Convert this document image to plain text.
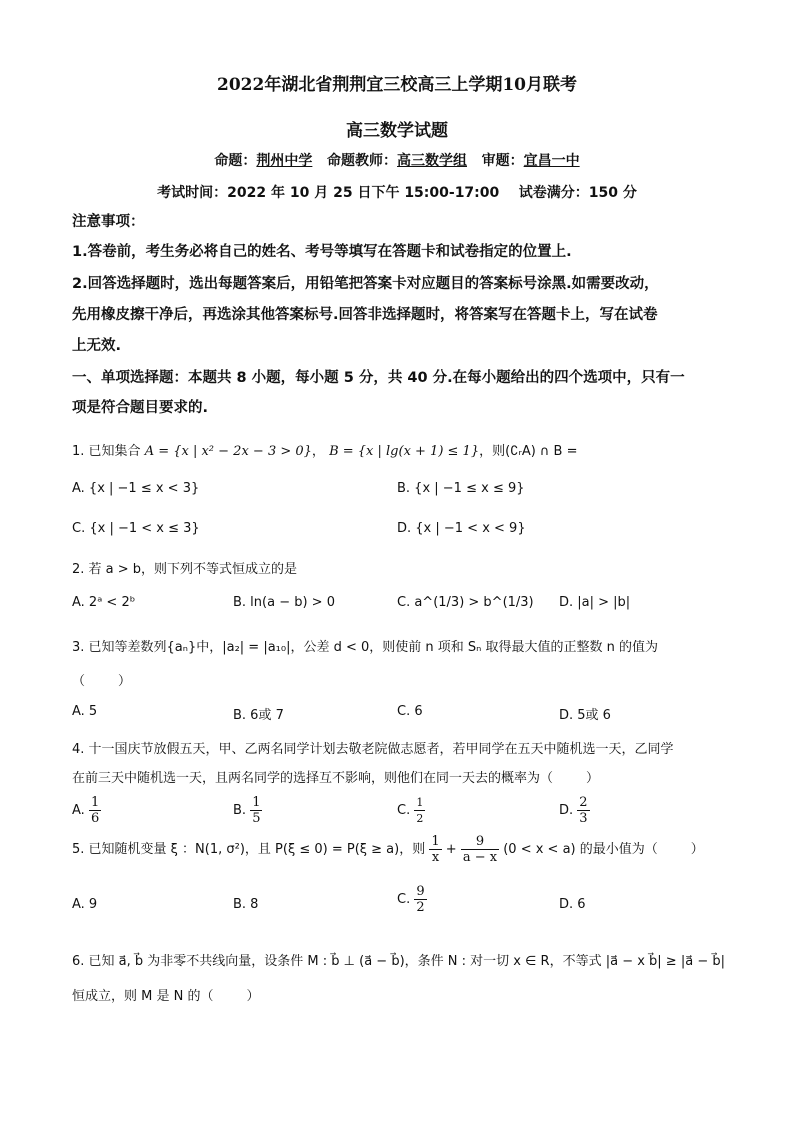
2022年湖北省荆荆宜三校高三上学期10月联考
高三数学试题
命题：荆州中学 命题教师：高三数学组 审题：宜昌一中
考试时间：2022 年 10 月 25 日下午 15:00-17:00    试卷满分：150 分
注意事项：
1.答卷前，考生务必将自己的姓名、考号等填写在答题卡和试卷指定的位置上.
2.回答选择题时，选出每题答案后，用铅笔把答案卡对应题目的答案标号涂黑.如需要改动，
先用橡皮擦干净后，再选涂其他答案标号.回答非选择题时，将答案写在答题卡上，写在试卷
上无效.
一、单项选择题：本题共 8 小题，每小题 5 分，共 40 分.在每小题给出的四个选项中，只有一
项是符合题目要求的.
1. 已知集合 A = {x | x² − 2x − 3 > 0}， B = {x | lg(x + 1) ≤ 1}，则(∁ᵣA) ∩ B =
A. {x | −1 ≤ x < 3}	B. {x | −1 ≤ x ≤ 9}
C. {x | −1 < x ≤ 3}	D. {x | −1 < x < 9}
2. 若 a > b，则下列不等式恒成立的是
A. 2ᵃ < 2ᵇ	B. ln(a − b) > 0	C. a^(1/3) > b^(1/3) D. |a| > |b|
3. 已知等差数列{aₙ}中，|a₂| = |a₁₀|，公差 d < 0，则使前 n 项和 Sₙ 取得最大值的正整数 n 的值为
（        ）
A. 5	B. 6或 7	C. 6	D. 5或 6
4. 十一国庆节放假五天，甲、乙两名同学计划去敬老院做志愿者，若甲同学在五天中随机选一天，乙同学
在前三天中随机选一天，且两名同学的选择互不影响，则他们在同一天去的概率为（        ）
A. $\frac{1}{6}$	B. $\frac{1}{5}$	C. $\frac{1}{2}$	D. $\frac{2}{3}$
5. 已知随机变量 ξ ：N(1, σ²)，且 P(ξ ≤ 0) = P(ξ ≥ a)，则 $\frac{1}{x} + \frac{9}{a - x} (0 < x < a)$ 的最小值为（        ）
A. 9	B. 8	C. $\frac{9}{2}$	D. 6
6. 已知 a⃗, b⃗ 为非零不共线向量，设条件 M : b⃗ ⊥ (a⃗ − b⃗)，条件 N : 对一切 x ∈ R，不等式 |a⃗ − x b⃗| ≥ |a⃗ − b⃗|
恒成立，则 M 是 N 的（        ）
